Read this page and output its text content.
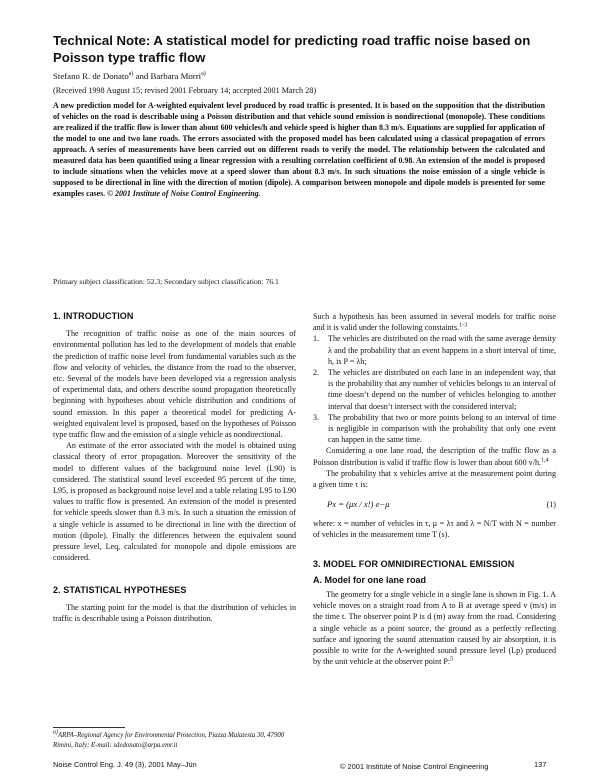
Technical Note: A statistical model for predicting road traffic noise based on Poisson type traffic flow
Stefano R. de Donato$^{a)}$ and Barbara Morri$^{a)}$
(Received 1998 August 15; revised 2001 February 14; accepted 2001 March 28)
A new prediction model for A-weighted equivalent level produced by road traffic is presented. It is based on the supposition that the distribution of vehicles on the road is describable using a Poisson distribution and that vehicle sound emission is nondirectional (monopole). These conditions are realized if the traffic flow is lower than about 600 vehicles/h and vehicle speed is higher than 8.3 m/s. Equations are supplied for application of the model to one and two lane roads. The errors associated with the proposed model has been calculated using a classical propagation of errors approach. A series of measurements have been carried out on different roads to verify the model. The relationship between the calculated and measured data has been quantified using a linear regression with a resulting correlation coefficient of 0.98. An extension of the model is proposed to include situations when the vehicles move at a speed slower than about 8.3 m/s. In such situations the noise emission of a single vehicle is supposed to be directional in line with the direction of motion (dipole). A comparison between monopole and dipole models is presented for some examples cases. © 2001 Institute of Noise Control Engineering.
Primary subject classification: 52.3; Secondary subject classification: 76.1
1. INTRODUCTION

The recognition of traffic noise as one of the main sources of environmental pollution has led to the development of models that enable the prediction of traffic noise level from fundamental variables such as the flow and velocity of vehicles, the distance from the road to the observer, etc. Several of the models have been developed via a regression analysis of experimental data, and others describe sound propagation theoretically beginning with hypotheses about vehicle distribution and conditions of sound emission. In this paper a theoretical model for predicting A-weighted equivalent level is proposed, based on the hypotheses of Poisson type traffic flow and the emission of a single vehicle as nondirectional.

An estimate of the error associated with the model is obtained using classical theory of error propagation. Moreover the sensitivity of the model to different values of the background noise level (L90) is considered. The statistical sound level exceeded 95 percent of the time, L95, is proposed as background noise level and a table relating L95 to L90 values to traffic flow is presented. An extension of the model is presented for vehicle speeds slower than 8.3 m/s. In such a situation the emission of a single vehicle is assumed to be directional in line with the direction of motion (dipole). Finally the differences between the equivalent sound pressure level, Leq, calculated for monopole and dipole emissions are considered.

2. STATISTICAL HYPOTHESES

The starting point for the model is that the distribution of vehicles in traffic is describable using a Poisson distribution.

$^{a)}$ARPA–Regional Agency for Environmental Protection, Piazza Malatesta 30, 47900 Rimini, Italy; E-mail: sdedonato@arpa.emr.it

Such a hypothesis has been assumed in several models for traffic noise and it is valid under the following constaints.$^{1-3}$

1. The vehicles are distributed on the road with the same average density λ and the probability that an event happens in a short interval of time, h, is P = λh;
2. The vehicles are distributed on each lane in an independent way, that is the probability that any number of vehicles belongs to an interval of time doesn’t depend on the number of vehicles belonging to another interval that doesn’t intersect with the considered interval;
3. The probability that two or more points belong to an interval of time is negligible in comparison with the probability that only one event can happen in the same time.

Considering a one lane road, the description of the traffic flow as a Poisson distribution is valid if traffic flow is lower than about 600 v/h.$^{1,4}$

The probability that x vehicles arrive at the measurement point during a given time τ is:

Px = (μx / x!) e−μ	(1)

where: x = number of vehicles in τ, μ = λτ and λ = N/T with N = number of vehicles in the measurement time T (s).

3. MODEL FOR OMNIDIRECTIONAL EMISSION
A. Model for one lane road

The geometry for a single vehicle in a single lane is shown in Fig. 1. A vehicle moves on a straight road from A to B at average speed v (m/s) in the time t. The observer point P is d (m) away from the road. Considering a single vehicle as a point source, the ground as a perfectly reflecting surface and ignoring the sound attenuation caused by air absorption, it is possible to write for the A-weighted sound pressure level (Lp) produced by the unit vehicle at the observer point P:$^5$

Noise Control Eng. J. 49 (3), 2001 May–Jun	© 2001 Institute of Noise Control Engineering	137
